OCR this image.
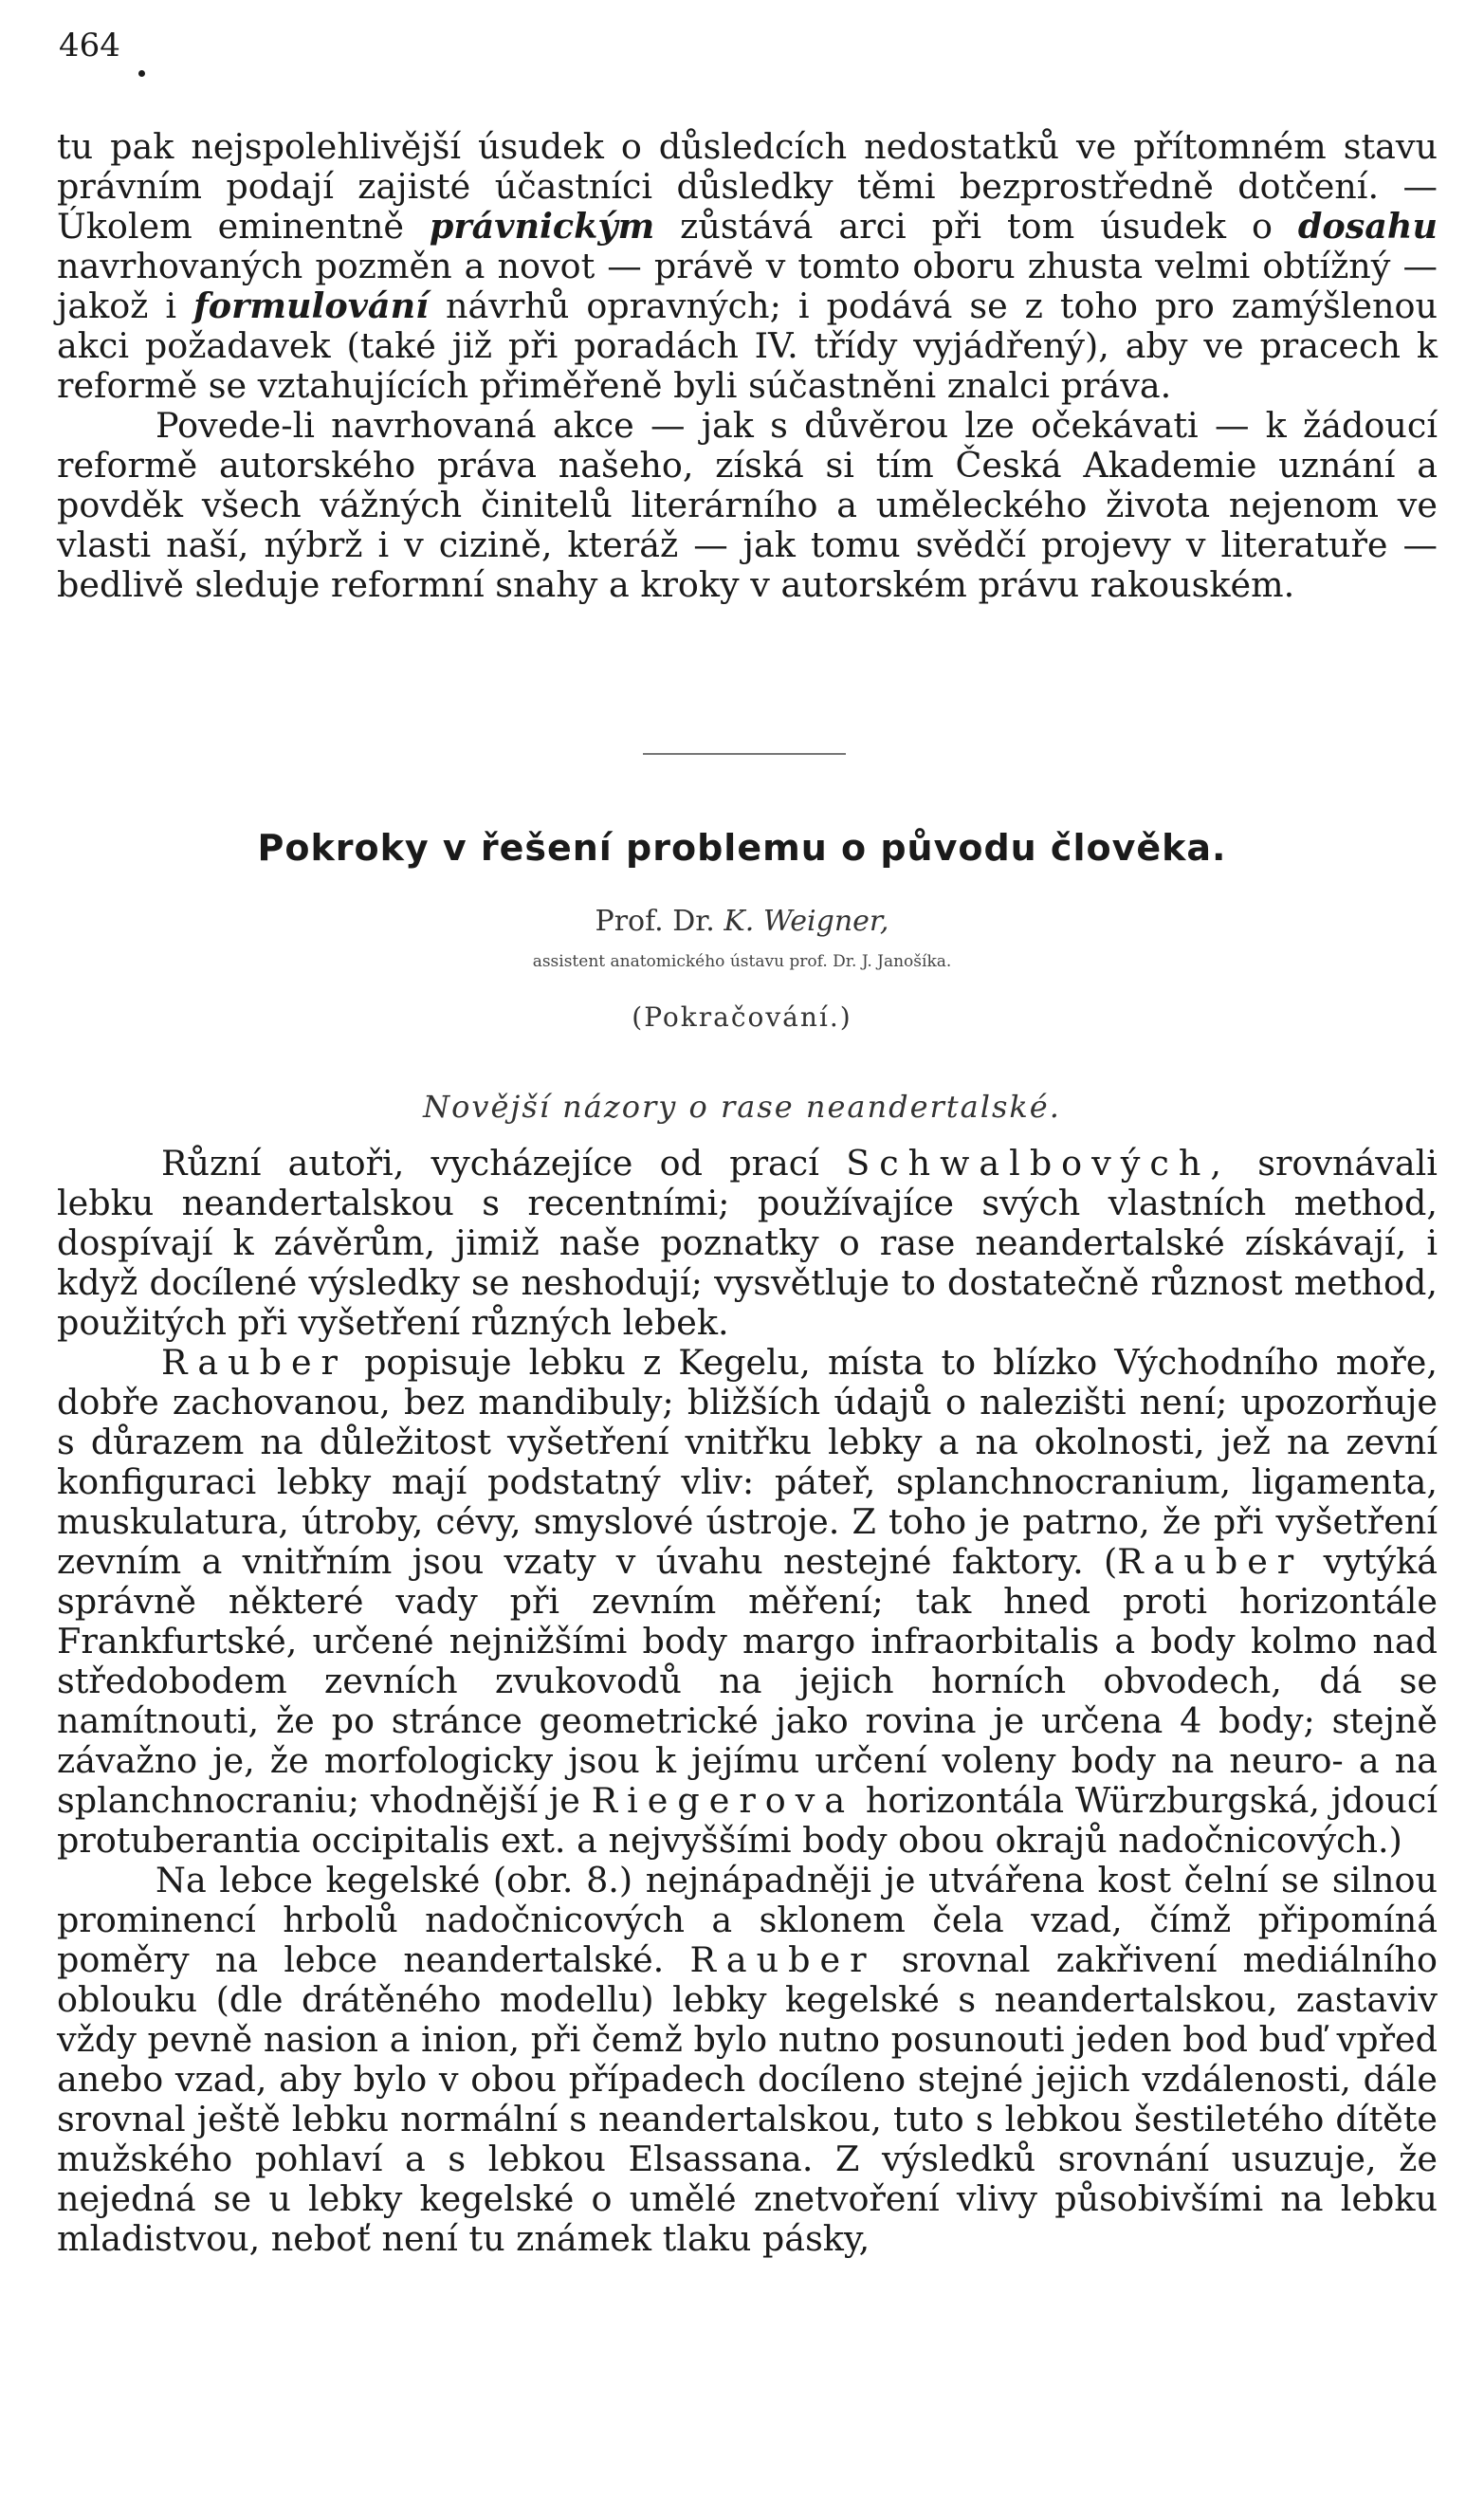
464

tu pak nejspolehlivější úsudek o důsledcích nedostatků ve přítomném stavu právním podají zajisté účastníci důsledky těmi bezprostředně dotčení. — Úkolem eminentně právnickým zůstává arci při tom úsudek o dosahu navrhovaných pozměn a novot — právě v tomto oboru zhusta velmi obtížný — jakož i formulování návrhů opravných; i podává se z toho pro zamýšlenou akci požadavek (také již při poradách IV. třídy vyjádřený), aby ve pracech k reformě se vztahujících přiměřeně byli súčastněni znalci práva.

Povede-li navrhovaná akce — jak s důvěrou lze očekávati — k žádoucí reformě autorského práva našeho, získá si tím Česká Akademie uznání a povděk všech vážných činitelů literárního a uměleckého života nejenom ve vlasti naší, nýbrž i v cizině, kteráž — jak tomu svědčí projevy v literatuře — bedlivě sleduje reformní snahy a kroky v autorském právu rakouském.

Pokroky v řešení problemu o původu člověka.
Prof. Dr. K. Weigner,
assistent anatomického ústavu prof. Dr. J. Janošíka.
(Pokračování.)
Novější názory o rase neandertalské.

Různí autoři, vycházejíce od prací Schwalbových, srovnávali lebku neandertalskou s recentními; používajíce svých vlastních method, dospívají k závěrům, jimiž naše poznatky o rase neandertalské získávají, i když docílené výsledky se neshodují; vysvětluje to dostatečně různost method, použitých při vyšetření různých lebek.

Rauber popisuje lebku z Kegelu, místa to blízko Východního moře, dobře zachovanou, bez mandibuly; bližších údajů o nalezišti není; upozorňuje s důrazem na důležitost vyšetření vnitřku lebky a na okolnosti, jež na zevní konfiguraci lebky mají podstatný vliv: páteř, splanchnocranium, ligamenta, muskulatura, útroby, cévy, smyslové ústroje. Z toho je patrno, že při vyšetření zevním a vnitřním jsou vzaty v úvahu nestejné faktory. (Rauber vytýká správně některé vady při zevním měření; tak hned proti horizontále Frankfurtské, určené nejnižšími body margo infraorbitalis a body kolmo nad středobodem zevních zvukovodů na jejich horních obvodech, dá se namítnouti, že po stránce geometrické jako rovina je určena 4 body; stejně závažno je, že morfologicky jsou k jejímu určení voleny body na neuro- a na splanchnocraniu; vhodnější je Riegerova horizontála Würzburgská, jdoucí protuberantia occipitalis ext. a nejvyššími body obou okrajů nadočnicových.)

Na lebce kegelské (obr. 8.) nejnápadněji je utvářena kost čelní se silnou prominencí hrbolů nadočnicových a sklonem čela vzad, čímž připomíná poměry na lebce neandertalské. Rauber srovnal zakřivení mediálního oblouku (dle drátěného modellu) lebky kegelské s neandertalskou, zastaviv vždy pevně nasion a inion, při čemž bylo nutno posunouti jeden bod buď vpřed anebo vzad, aby bylo v obou případech docíleno stejné jejich vzdálenosti, dále srovnal ještě lebku normální s neandertalskou, tuto s lebkou šestiletého dítěte mužského pohlaví a s lebkou Elsassana. Z výsledků srovnání usuzuje, že nejedná se u lebky kegelské o umělé znetvoření vlivy působivšími na lebku mladistvou, neboť není tu známek tlaku pásky,
